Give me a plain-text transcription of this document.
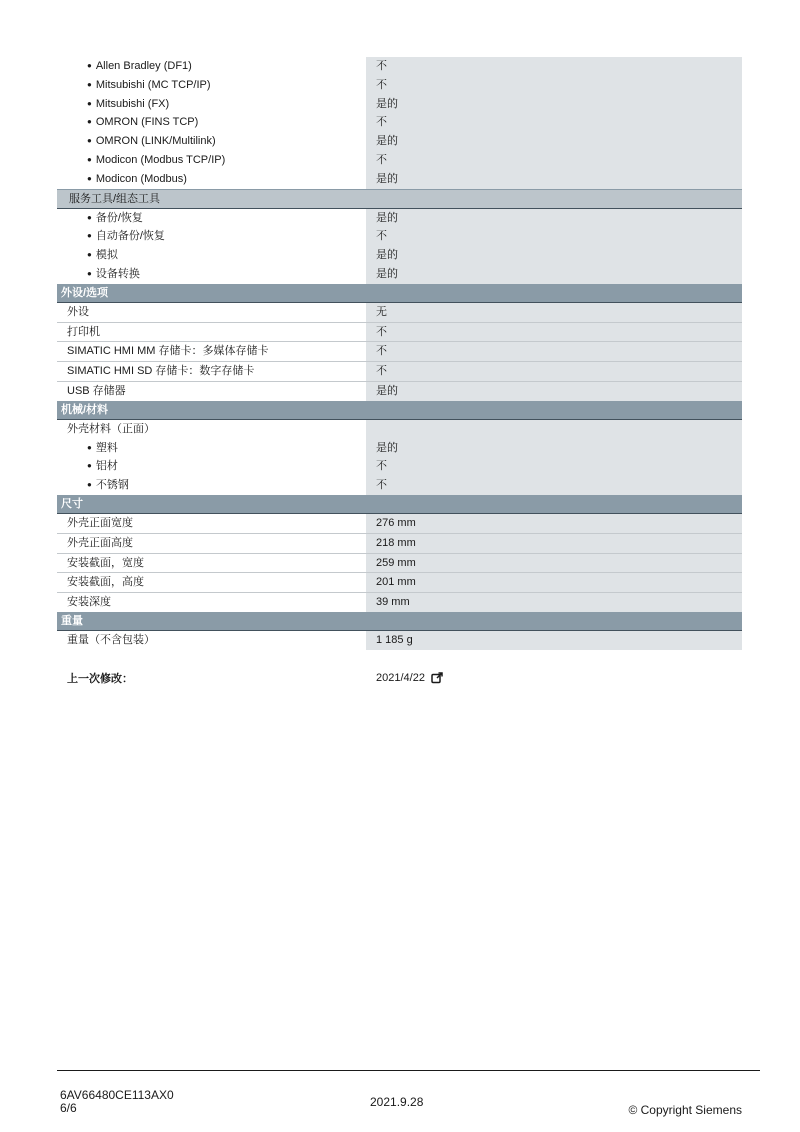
● Allen Bradley (DF1)	不
● Mitsubishi (MC TCP/IP)	不
● Mitsubishi (FX)	是的
● OMRON (FINS TCP)	不
● OMRON (LINK/Multilink)	是的
● Modicon (Modbus TCP/IP)	不
● Modicon (Modbus)	是的
服务工具/组态工具
● 备份/恢复	是的
● 自动备份/恢复	不
● 模拟	是的
● 设备转换	是的
外设/选项
外设	无
打印机	不
SIMATIC HMI MM 存储卡：多媒体存储卡	不
SIMATIC HMI SD 存储卡：数字存储卡	不
USB 存储器	是的
机械/材料
外壳材料（正面）
● 塑料	是的
● 铝材	不
● 不锈钢	不
尺寸
外壳正面宽度	276 mm
外壳正面高度	218 mm
安装截面，宽度	259 mm
安装截面，高度	201 mm
安装深度	39 mm
重量
重量（不含包装）	1 185 g
上一次修改：	2021/4/22
6AV66480CE113AX0
6/6	2021.9.28
© Copyright Siemens
